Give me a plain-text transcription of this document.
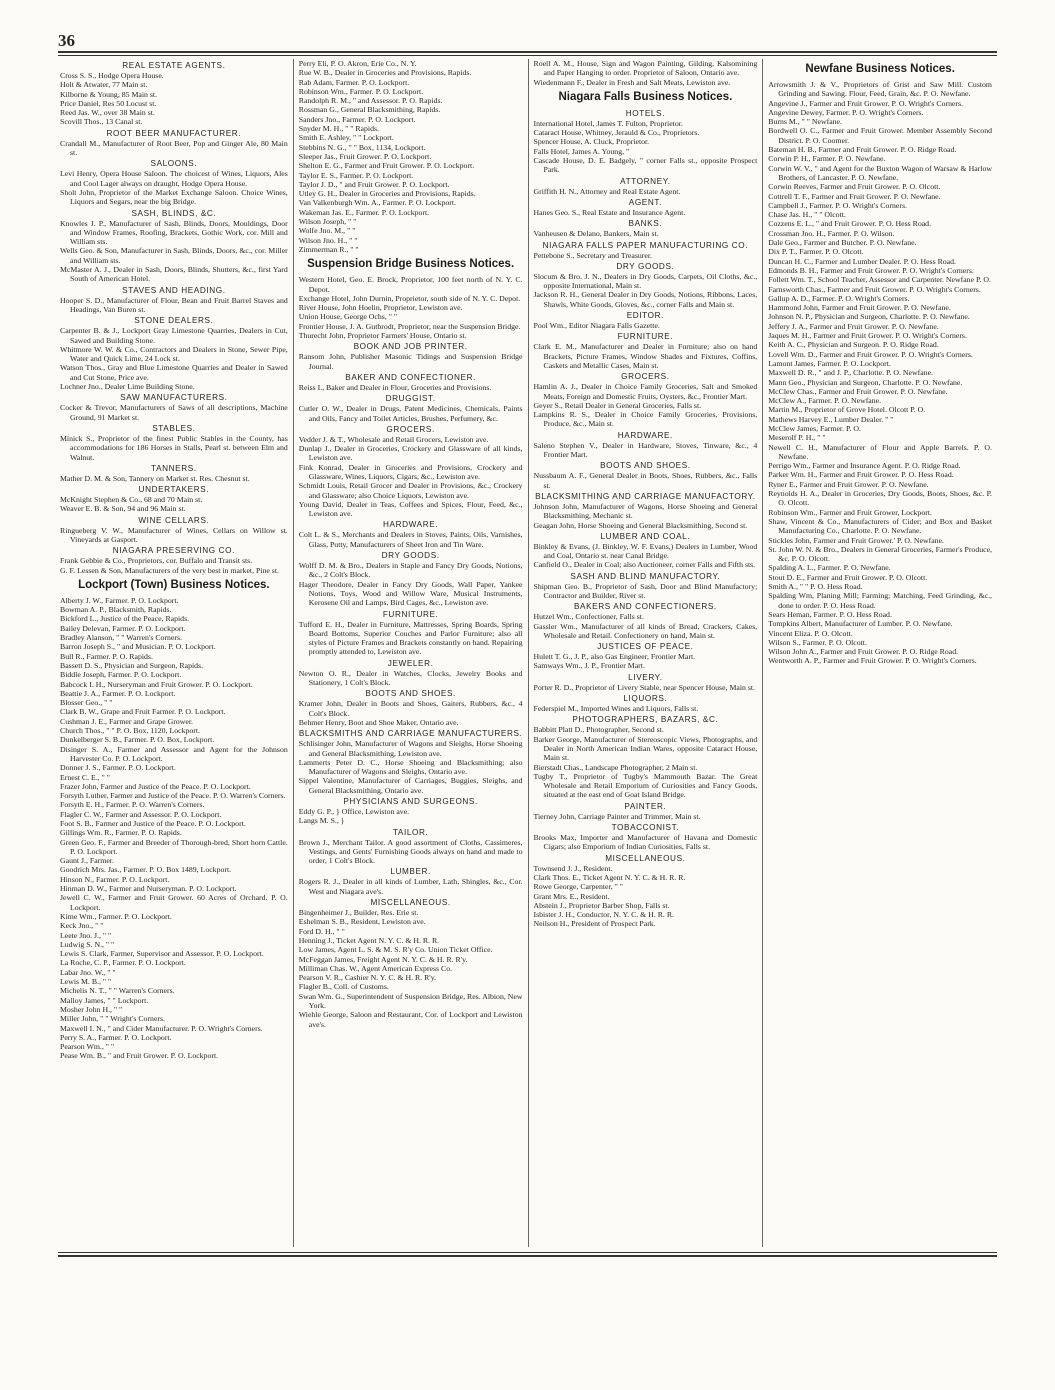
36
REAL ESTATE AGENTS.
Cross S. S., Hodge Opera House.
Holt & Atwater, 77 Main st.
Kilborne & Young, 85 Main st.
Price Daniel, Res 50 Locust st.
Reed Jas. W., over 38 Main st.
Scovill Thos., 13 Canal st.
ROOT BEER MANUFACTURER.
Crandall M., Manufacturer of Root Beer, Pop and Ginger Ale, 80 Main st.
SALOONS.
Levi Henry, Opera House Saloon. The choicest of Wines, Liquors, Ales and Cool Lager always on draught, Hodge Opera House.
Sholt John, Proprietor of the Market Exchange Saloon. Choice Wines, Liquors and Segars, near the big Bridge.
SASH, BLINDS, &C.
Knowles J. P., Manufacturer of Sash, Blinds, Doors, Mouldings, Door and Window Frames, Roofing, Brackets, Gothic Work, cor. Mill and William sts.
Wells Geo. & Son, Manufacturer in Sash, Blinds, Doors, &c., cor. Miller and William sts.
McMaster A. J., Dealer in Sash, Doors, Blinds, Shutters, &c., first Yard South of American Hotel.
STAVES AND HEADING.
Hooper S. D., Manufacturer of Flour, Bean and Fruit Barrel Staves and Headings, Van Buren st.
STONE DEALERS.
Carpenter B. & J., Lockport Gray Limestone Quarries, Dealers in Cut, Sawed and Building Stone.
Whitmore W. W. & Co., Contractors and Dealers in Stone, Sewer Pipe, Water and Quick Lime, 24 Lock st.
Watson Thos., Gray and Blue Limestone Quarries and Dealer in Sawed and Cut Stone, Price ave.
Lochner Jno., Dealer Lime Building Stone.
SAW MANUFACTURERS.
Cocker & Trevor, Manufacturers of Saws of all descriptions, Machine Ground, 91 Market st.
STABLES.
Minick S., Proprietor of the finest Public Stables in the County, has accommodations for 186 Horses in Stalls, Pearl st. between Elm and Walnut.
TANNERS.
Mather D. M. & Son, Tannery on Market st. Res. Chesnut st.
UNDERTAKERS.
McKnight Stephen & Co., 68 and 70 Main st.
Weaver E. B. & Son, 94 and 96 Main st.
WINE CELLARS.
Ringueberg V. W., Manufacturer of Wines, Cellars on Willow st. Vineyards at Gasport.
NIAGARA PRESERVING CO.
Frank Gebbie & Co., Proprietors, cor. Buffalo and Transit sts.
G. F. Lessen & Son, Manufacturers of the very best in market, Pine st.
Lockport (Town) Business Notices.
Alberty J. W., Farmer. P. O. Lockport.
Bowman A. P., Blacksmith, Rapids.
Bickford L., Justice of the Peace, Rapids.
Bailey Delevan, Farmer. P. O. Lockport.
Bradley Alanson, " " Warren's Corners.
Barron Joseph S., " and Musician. P. O. Lockport.
Bull R., Farmer. P. O. Rapids.
Bassett D. S., Physician and Surgeon, Rapids.
Biddle Joseph, Farmer. P. O. Lockport.
Babcock I. H., Nurseryman and Fruit Grower. P. O. Lockport.
Beattie J. A., Farmer. P. O. Lockport.
Blosser Geo., " "
Clark B. W., Grape and Fruit Farmer. P. O. Lockport.
Cushman J. E., Farmer and Grape Grower.
Church Thos., " " P. O. Box, 1120, Lockport.
Dunkelberger S. B., Farmer. P. O. Box, Lockport.
Disinger S. A., Farmer and Assessor and Agent for the Johnson Harvester Co. P. O. Lockport.
Donner J. S., Farmer. P. O. Lockport.
Ernest C. E., " "
Frazer John, Farmer and Justice of the Peace. P. O. Lockport.
Forsyth Luther, Farmer and Justice of the Peace. P. O. Warren's Corners.
Forsyth E. H., Farmer. P. O. Warren's Corners.
Flagler C. W., Farmer and Assessor. P. O. Lockport.
Foot S. B., Farmer and Justice of the Peace. P. O. Lockport.
Gillings Wm. R., Farmer. P. O. Rapids.
Green Geo. F., Farmer and Breeder of Thorough-bred, Short horn Cattle. P. O. Lockport.
Gaunt J., Farmer.
Goodrich Mrs. Jas., Farmer. P. O. Box 1489, Lockport.
Hinson N., Farmer. P. O. Lockport.
Hinman D. W., Farmer and Nurseryman. P. O. Lockport.
Jewell C. W., Farmer and Fruit Grower. 60 Acres of Orchard. P. O. Lockport.
Kime Wm., Farmer. P. O. Lockport.
Keck Jno., " "
Leete Jno. J., " "
Ludwig S. N., " "
Lewis S. Clark, Farmer, Supervisor and Assessor. P. O. Lockport.
La Roche, C. P., Farmer. P. O. Lockport.
Labar Jno. W., " "
Lewis M. B., " "
Michelis N. T., " " Warren's Corners.
Malloy James, " " Lockport.
Mosher John H., " "
Miller John, " " Wright's Corners.
Maxwell I. N., " and Cider Manufacturer. P. O. Wright's Corners.
Perry S. A., Farmer. P. O. Lockport.
Pearson Wm., " "
Pease Wm. B., " and Fruit Grower. P. O. Lockport.
Perry Eli, P. O. Akron, Erie Co., N. Y.
Rue W. B., Dealer in Groceries and Provisions, Rapids.
Rab Adam, Farmer. P. O. Lockport.
Robinson Wm., Farmer. P. O. Lockport.
Randolph R. M., " and Assessor. P. O. Rapids.
Rossman G., General Blacksmithing, Rapids.
Sanders Jno., Farmer. P. O. Lockport.
Snyder M. H., " " Rapids.
Smith E. Ashley, " " Lockport.
Stebbins N. G., " " Box, 1134, Lockport.
Sleeper Jas., Fruit Grower. P. O. Lockport.
Shelton E. G., Farmer and Fruit Grower. P. O. Lockport.
Taylor E. S., Farmer. P. O. Lockport.
Taylor J. D., " and Fruit Grower. P. O. Lockport.
Utley G. H., Dealer in Groceries and Provisions, Rapids.
Van Valkenburgh Wm. A., Farmer. P. O. Lockport.
Wakeman Jas. E., Farmer. P. O. Lockport.
Wilson Joseph, " "
Wolfe Jno. M., " "
Wilson Jno. H., " "
Zimmerman R., " "
Suspension Bridge Business Notices.
Western Hotel, Geo. E. Brock, Proprietor, 100 feet north of N. Y. C. Depot.
Exchange Hotel, John Durnin, Proprietor, south side of N. Y. C. Depot.
River House, John Hoelin, Proprietor, Lewiston ave.
Union House, George Ochs, " "
Frontier House, J. A. Gutbrodt, Proprietor, near the Suspension Bridge.
Thurecht John, Proprietor Farmers' House, Ontario st.
BOOK AND JOB PRINTER.
Ransom John, Publisher Masonic Tidings and Suspension Bridge Journal.
BAKER AND CONFECTIONER.
Reiss I., Baker and Dealer in Flour, Groceries and Provisions.
DRUGGIST.
Cutler O. W., Dealer in Drugs, Patent Medicines, Chemicals, Paints and Oils, Fancy and Toilet Articles, Brushes, Perfumery, &c.
GROCERS.
Vedder J. & T., Wholesale and Retail Grocers, Lewiston ave.
Dunlap J., Dealer in Groceries, Crockery and Glassware of all kinds, Lewiston ave.
Fink Konrad, Dealer in Groceries and Provisions, Crockery and Glassware, Wines, Liquors, Cigars, &c., Lewiston ave.
Schmidt Louis, Retail Grocer and Dealer in Provisions, &c., Crockery and Glassware; also Choice Liquors, Lewiston ave.
Young David, Dealer in Teas, Coffees and Spices, Flour, Feed, &c., Lewiston ave.
HARDWARE.
Colt L. & S., Merchants and Dealers in Stoves, Paints, Oils, Varnishes, Glass, Putty, Manufacturers of Sheet Iron and Tin Ware.
DRY GOODS.
Wolff D. M. & Bro., Dealers in Staple and Fancy Dry Goods, Notions, &c., 2 Colt's Block.
Hager Theodore, Dealer in Fancy Dry Goods, Wall Paper, Yankee Notions, Toys, Wood and Willow Ware, Musical Instruments, Kerosene Oil and Lamps, Bird Cages, &c., Lewiston ave.
FURNITURE.
Tufford E. H., Dealer in Furniture, Mattresses, Spring Boards, Spring Board Bottoms, Superior Couches and Parlor Furniture; also all styles of Picture Frames and Brackets constantly on hand. Repairing promptly attended to, Lewiston ave.
JEWELER.
Newton O. R., Dealer in Watches, Clocks, Jewelry Books and Stationery, 1 Colt's Block.
BOOTS AND SHOES.
Kramer John, Dealer in Boots and Shoes, Gaiters, Rubbers, &c., 4 Colt's Block.
Behmer Henry, Boot and Shoe Maker, Ontario ave.
BLACKSMITHS AND CARRIAGE MANUFACTURERS.
Schlisinger John, Manufacturer of Wagons and Sleighs, Horse Shoeing and General Blacksmithing, Lewiston ave.
Lammerts Peter D. C., Horse Shoeing and Blacksmithing; also Manufacturer of Wagons and Sleighs, Ontario ave.
Sippel Valentine, Manufacturer of Carriages, Buggies, Sleighs, and General Blacksmithing, Ontario ave.
PHYSICIANS AND SURGEONS.
Eddy G. P., } Office, Lewiston ave.
Langs M. S., }
TAILOR.
Brown J., Merchant Tailor. A good assortment of Cloths, Cassimeres, Vestings, and Gents' Furnishing Goods always on hand and made to order, 1 Colt's Block.
LUMBER.
Rogers R. J., Dealer in all kinds of Lumber, Lath, Shingles, &c., Cor. West and Niagara ave's.
MISCELLANEOUS.
Bingenheimer J., Builder, Res. Erie st.
Eshelman S. B., Resident, Lewiston ave.
Ford D. H., " "
Henning J., Ticket Agent N. Y. C. & H. R. R.
Low James, Agent L. S. & M. S. R'y Co. Union Ticket Office.
McFeggan James, Freight Agent N. Y. C. & H. R. R'y.
Milliman Chas. W., Agent American Express Co.
Pearson V. R., Cashier N. Y. C. & H. R. R'y.
Flagler B., Coll. of Customs.
Swan Wm. G., Superintendent of Suspension Bridge, Res. Albion, New York.
Wiehle George, Saloon and Restaurant, Cor. of Lockport and Lewiston ave's.
Roell A. M., House, Sign and Wagon Painting, Gilding, Kalsomining and Paper Hanging to order. Proprietor of Saloon, Ontario ave.
Wiedenmann F., Dealer in Fresh and Salt Meats, Lewiston ave.
Niagara Falls Business Notices.
HOTELS.
International Hotel, James T. Fulton, Proprietor.
Cataract House, Whitney, Jerauld & Co., Proprietors.
Spencer House, A. Cluck, Proprietor.
Falls Hotel, James A. Young, "
Cascade House, D. E. Badgely, " corner Falls st., opposite Prospect Park.
ATTORNEY.
Griffith H. N., Attorney and Real Estate Agent.
AGENT.
Hanes Geo. S., Real Estate and Insurance Agent.
BANKS.
Vanheusen & Delano, Bankers, Main st.
NIAGARA FALLS PAPER MANUFACTURING CO.
Pettebone S., Secretary and Treasurer.
DRY GOODS.
Slocum & Bro. J. N., Dealers in Dry Goods, Carpets, Oil Cloths, &c., opposite International, Main st.
Jackson R. H., General Dealer in Dry Goods, Notions, Ribbons, Laces, Shawls, White Goods, Gloves, &c., corner Falls and Main st.
EDITOR.
Pool Wm., Editor Niagara Falls Gazette.
FURNITURE.
Clark E. M., Manufacturer and Dealer in Furniture; also on hand Brackets, Picture Frames, Window Shades and Fixtures, Coffins, Caskets and Metallic Cases, Main st.
GROCERS.
Hamlin A. J., Dealer in Choice Family Groceries, Salt and Smoked Meats, Foreign and Domestic Fruits, Oysters, &c., Frontier Mart.
Geyer S., Retail Dealer in General Groceries, Falls st.
Lampkins R. S., Dealer in Choice Family Groceries, Provisions, Produce, &c., Main st.
HARDWARE.
Saleno Stephen V., Dealer in Hardware, Stoves, Tinware, &c., 4 Frontier Mart.
BOOTS AND SHOES.
Nussbaum A. F., General Dealer in Boots, Shoes, Rubbers, &c., Falls st.
BLACKSMITHING AND CARRIAGE MANUFACTORY.
Johnson John, Manufacturer of Wagons, Horse Shoeing and General Blacksmithing, Mechanic st.
Geagan John, Horse Shoeing and General Blacksmithing, Second st.
LUMBER AND COAL.
Binkley & Evans, (J. Binkley, W. F. Evans,) Dealers in Lumber, Wood and Coal, Ontario st. near Canal Bridge.
Canfield O., Dealer in Coal; also Auctioneer, corner Falls and Fifth sts.
SASH AND BLIND MANUFACTORY.
Shipman Geo. B., Proprietor of Sash, Door and Blind Manufactory; Contractor and Builder, River st.
BAKERS AND CONFECTIONERS.
Hutzel Wm., Confectioner, Falls st.
Gassler Wm., Manufacturer of all kinds of Bread, Crackers, Cakes, Wholesale and Retail. Confectionery on hand, Main st.
JUSTICES OF PEACE.
Hulett T. G., J. P., also Gas Engineer, Frontier Mart.
Samways Wm., J. P., Frontier Mart.
LIVERY.
Porter R. D., Proprietor of Livery Stable, near Spencer House, Main st.
LIQUORS.
Federspiel M., Imported Wines and Liquors, Falls st.
PHOTOGRAPHERS, BAZARS, &C.
Babbitt Platt D., Photographer, Second st.
Barker George, Manufacturer of Stereoscopic Views, Photographs, and Dealer in North American Indian Wares, opposite Cataract House, Main st.
Bierstadt Chas., Landscape Photographer, 2 Main st.
Tugby T., Proprietor of Tugby's Mammouth Bazar. The Great Wholesale and Retail Emporium of Curiosities and Fancy Goods, situated at the east end of Goat Island Bridge.
PAINTER.
Tierney John, Carriage Painter and Trimmer, Main st.
TOBACCONIST.
Brooks Max, Importer and Manufacturer of Havana and Domestic Cigars; also Emporium of Indian Curiosities, Falls st.
MISCELLANEOUS.
Townsend J. J., Resident.
Clark Thos. E., Ticket Agent N. Y. C. & H. R. R.
Rowe George, Carpenter, " "
Grant Mrs. E., Resident.
Abstein J., Proprietor Barber Shop, Falls st.
Isbister J. H., Conductor, N. Y. C. & H. R. R.
Neilson H., President of Prospect Park.
Newfane Business Notices.
Arrowsmith J. & V., Proprietors of Grist and Saw Mill. Custom Grinding and Sawing. Flour, Feed, Grain, &c. P. O. Newfane.
Angevine J., Farmer and Fruit Grower. P. O. Wright's Corners.
Angevine Dewey, Farmer. P. O. Wright's Corners.
Burns M., " " Newfane.
Bordwell O. C., Farmer and Fruit Grower. Member Assembly Second District. P. O. Coomer.
Bateman H. B., Farmer and Fruit Grower. P. O. Ridge Road.
Corwin P. H., Farmer. P. O. Newfane.
Corwin W. V., " and Agent for the Buxton Wagon of Warsaw & Harlow Brothers, of Lancaster. P. O. Newfane.
Corwin Reeves, Farmer and Fruit Grower. P. O. Olcott.
Cottrell T. F., Farmer and Fruit Grower. P. O. Newfane.
Campbell J., Farmer. P. O. Wright's Corners.
Chase Jas. H., " " Olcott.
Cozzens E. L., " and Fruit Grower. P. O. Hess Road.
Crossman Jno. H., Farmer. P. O. Wilson.
Dale Geo., Farmer and Butcher. P. O. Newfane.
Dix P. T., Farmer. P. O. Olcott.
Duncan H. C., Farmer and Lumber Dealer. P. O. Hess Road.
Edmonds B. H., Farmer and Fruit Grower. P. O. Wright's Corners.
Follett Wm. T., School Teacher, Assessor and Carpenter. Newfane P. O.
Farnsworth Chas., Farmer and Fruit Grower. P. O. Wright's Corners.
Gallup A. D., Farmer. P. O. Wright's Corners.
Hammond John, Farmer and Fruit Grower. P. O. Newfane.
Johnson N. P., Physician and Surgeon, Charlotte. P. O. Newfane.
Jeffery J. A., Farmer and Fruit Grower. P. O. Newfane.
Jaques M. H., Farmer and Fruit Grower. P. O. Wright's Corners.
Keith A. C., Physician and Surgeon. P. O. Ridge Road.
Lovell Wm. D., Farmer and Fruit Grower. P. O. Wright's Corners.
Lamont James, Farmer. P. O. Lockport.
Maxwell D. R., " and J. P., Charlotte. P. O. Newfane.
Mann Geo., Physician and Surgeon, Charlotte. P. O. Newfane.
McClew Chas., Farmer and Fruit Grower. P. O. Newfane.
McClew A., Farmer. P. O. Newfane.
Martin M., Proprietor of Grove Hotel. Olcott P. O.
Mathews Harvey E., Lumber Dealer. " "
McClew James, Farmer. P. O.
Meserolf P. H., " "
Newell C. H., Manufacturer of Flour and Apple Barrels. P. O. Newfane.
Perrigo Wm., Farmer and Insurance Agent. P. O. Ridge Road.
Parker Wm. H., Farmer and Fruit Grower. P. O. Hess Road.
Ryner E., Farmer and Fruit Grower. P. O. Newfane.
Reynolds H. A., Dealer in Groceries, Dry Goods, Boots, Shoes, &c. P. O. Olcott.
Robinson Wm., Farmer and Fruit Grower, Lockport.
Shaw, Vincent & Co., Manufacturers of Cider; and Box and Basket Manufacturing Co., Charlotte. P. O. Newfane.
Stickles John, Farmer and Fruit Grower.' P. O. Newfane.
St. John W. N. & Bro., Dealers in General Groceries, Farmer's Produce, &c. P. O. Olcott.
Spalding A. L., Farmer. P. O. Newfane.
Stout D. E., Farmer and Fruit Grower. P. O. Olcott.
Smith A., " " P. O. Hess Road.
Spalding Wm, Planing Mill; Farming; Matching, Feed Grinding, &c., done to order. P. O. Hess Road.
Sears Heman, Farmer. P. O. Hess Road.
Tompkins Albert, Manufacturer of Lumber. P. O. Newfane.
Vincent Eliza. P. O. Olcott.
Wilson S., Farmer. P. O. Olcott.
Wilson John A., Farmer and Fruit Grower. P. O. Ridge Road.
Wentworth A. P., Farmer and Fruit Grower. P. O. Wright's Corners.
